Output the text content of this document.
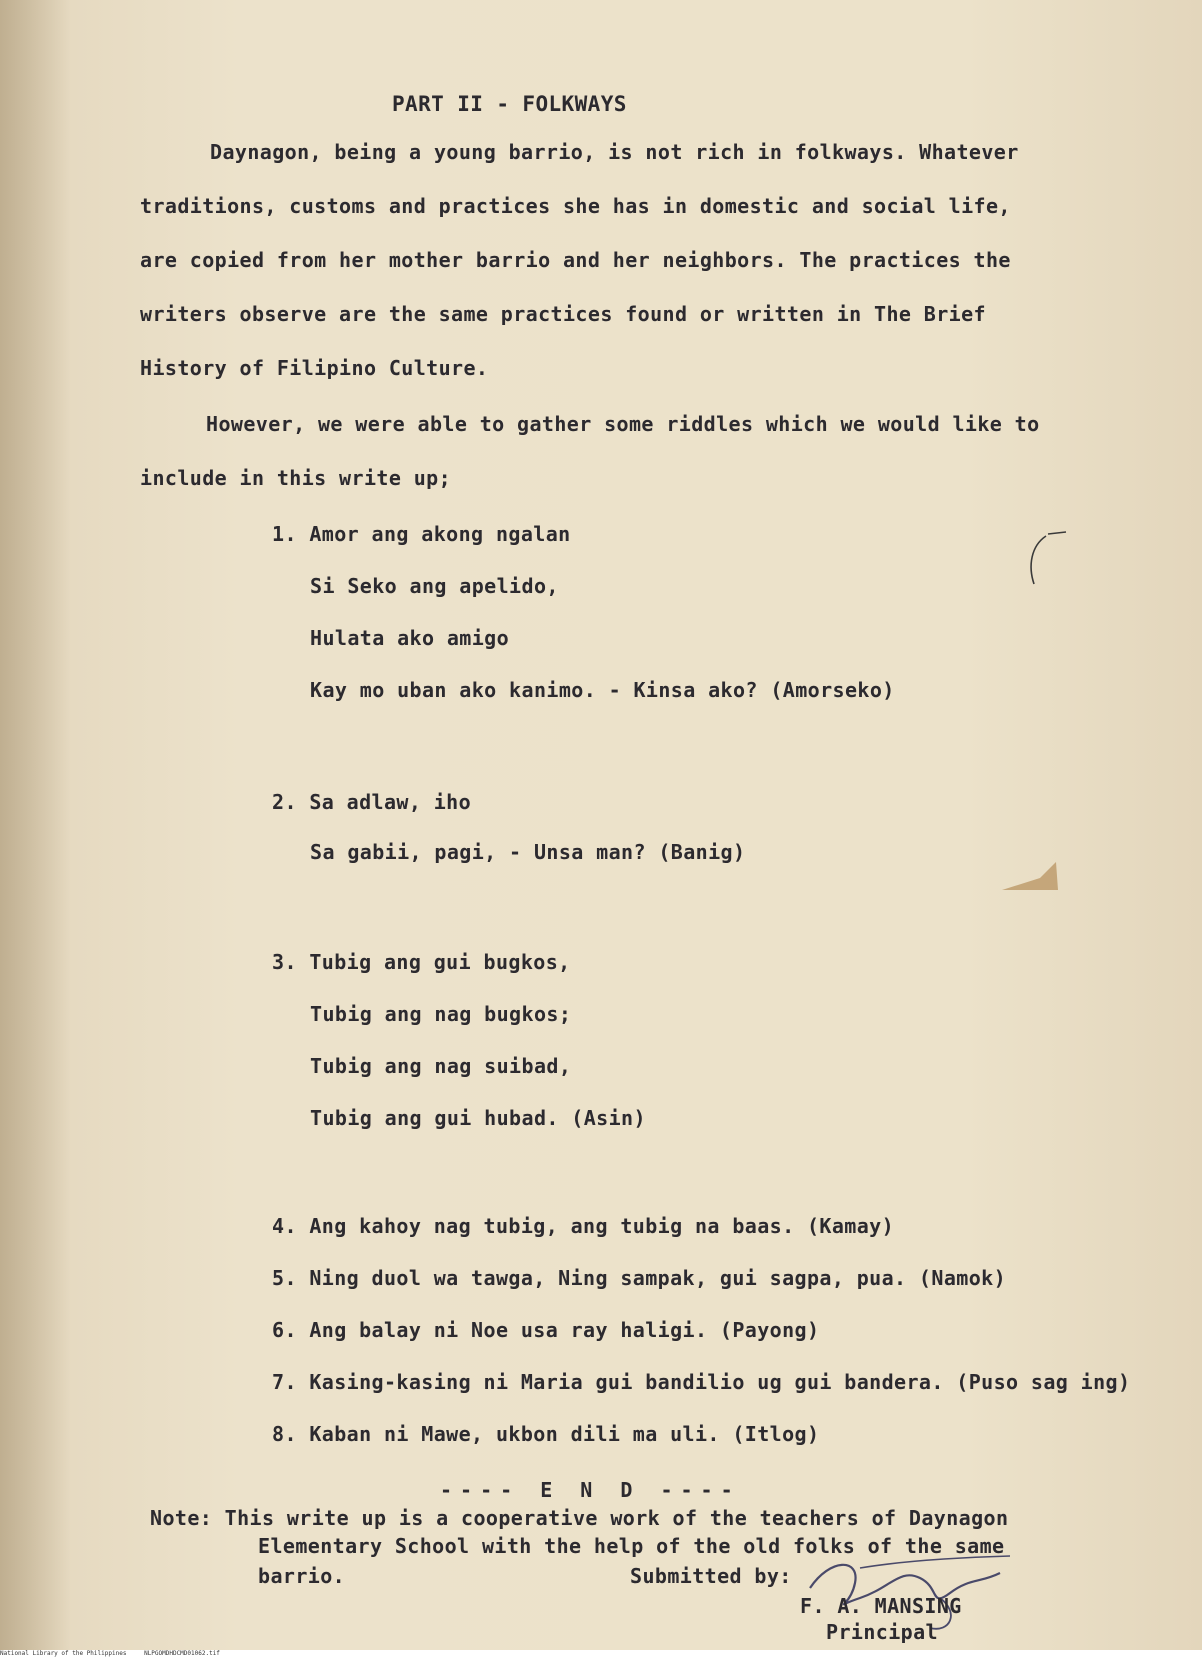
PART II - FOLKWAYS
Daynagon, being a young barrio, is not rich in folkways. Whatever
traditions, customs and practices she has in domestic and social life,
are copied from her mother barrio and her neighbors. The practices the
writers observe are the same practices found or written in The Brief
History of Filipino Culture.
However, we were able to gather some riddles which we would like to
include in this write up;
1. Amor ang akong ngalan
Si Seko ang apelido,
Hulata ako amigo
Kay mo uban ako kanimo. - Kinsa ako? (Amorseko)
2. Sa adlaw, iho
Sa gabii, pagi, - Unsa man? (Banig)
3. Tubig ang gui bugkos,
Tubig ang nag bugkos;
Tubig ang nag suibad,
Tubig ang gui hubad. (Asin)
4. Ang kahoy nag tubig, ang tubig na baas. (Kamay)
5. Ning duol wa tawga, Ning sampak, gui sagpa, pua. (Namok)
6. Ang balay ni Noe usa ray haligi. (Payong)
7. Kasing-kasing ni Maria gui bandilio ug gui bandera. (Puso sag ing)
8. Kaban ni Mawe, ukbon dili ma uli. (Itlog)
---- E N D ----
Note: This write up is a cooperative work of the teachers of Daynagon
Elementary School with the help of the old folks of the same
barrio.	Submitted by:
F. A. MANSING
Principal
National Library of the Philippines	NLPGOMDHDCMD01062.tif
